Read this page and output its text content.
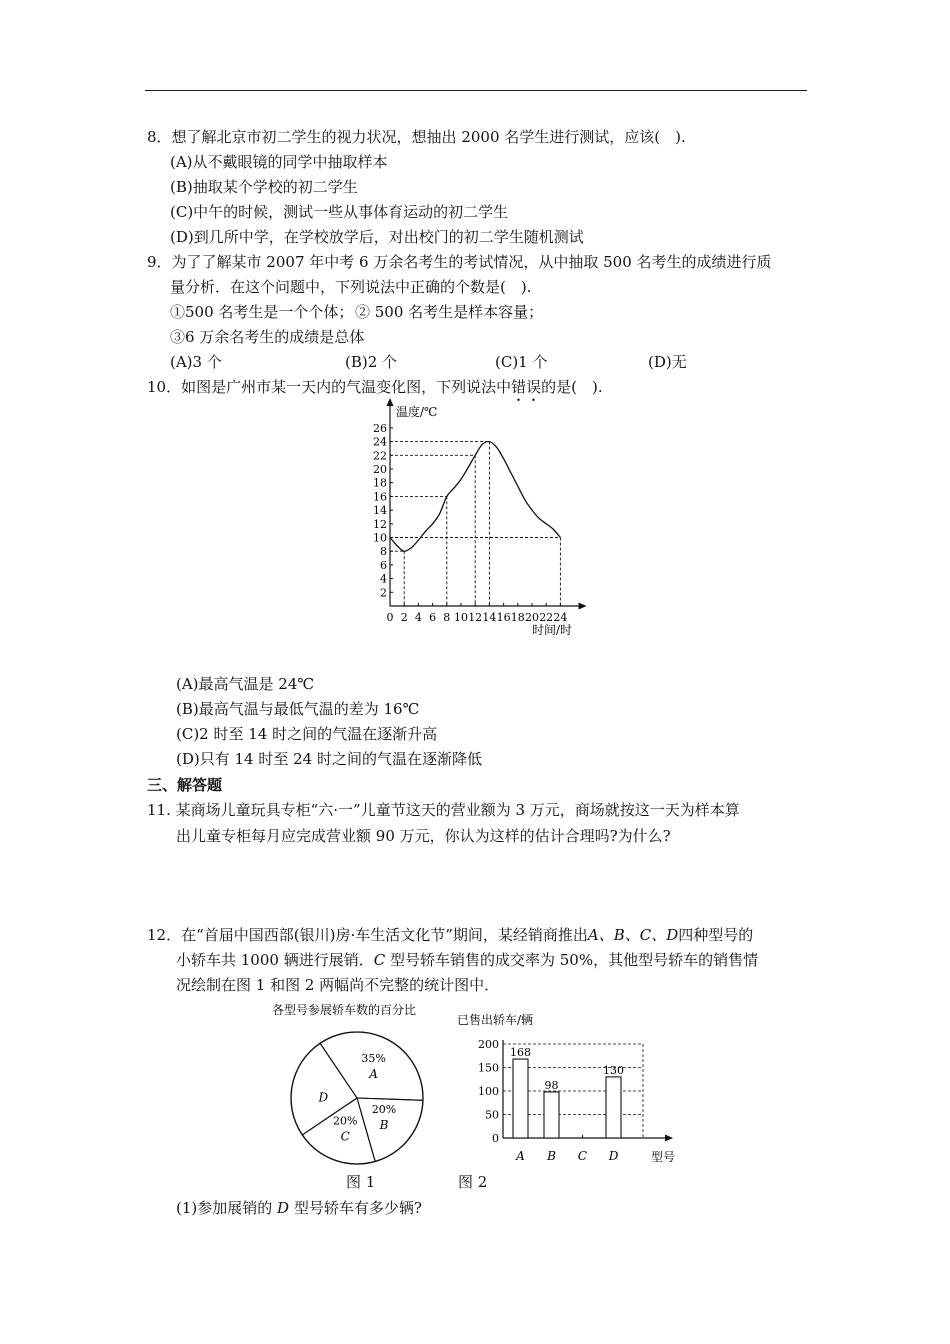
8．想了解北京市初二学生的视力状况，想抽出 2000 名学生进行测试，应该(　).
(A)从不戴眼镜的同学中抽取样本
(B)抽取某个学校的初二学生
(C)中午的时候，测试一些从事体育运动的初二学生
(D)到几所中学，在学校放学后，对出校门的初二学生随机测试
9．为了了解某市 2007 年中考 6 万余名考生的考试情况，从中抽取 500 名考生的成绩进行质
量分析．在这个问题中，下列说法中正确的个数是(　).
①500 名考生是一个个体； ② 500 名考生是样本容量；
③6 万余名考生的成绩是总体
(A)3 个	(B)2 个	(C)1 个	(D)无
10．如图是广州市某一天内的气温变化图，下列说法中错误的是(　).
2
4
6
8
10
12
14
16
18
20
22
24
26
0 2 4 6 8 10 12 14 16 18 20 22 24
温度/℃
时间/时
(A)最高气温是 24℃
(B)最高气温与最低气温的差为 16℃
(C)2 时至 14 时之间的气温在逐渐升高
(D)只有 14 时至 24 时之间的气温在逐渐降低
三、解答题
11. 某商场儿童玩具专柜“六·一”儿童节这天的营业额为 3 万元，商场就按这一天为样本算
出儿童专柜每月应完成营业额 90 万元，你认为这样的估计合理吗?为什么?
12．在“首届中国西部(银川)房·车生活文化节”期间，某经销商推出A、B、C、D四种型号的
小轿车共 1000 辆进行展销．C 型号轿车销售的成交率为 50%，其他型号轿车的销售情
况绘制在图 1 和图 2 两幅尚不完整的统计图中．
各型号参展轿车数的百分比
A
35%
B
20%
C
20%
D
已售出轿车/辆
0
50
100
150
200
168
98
130
A B C D	型号
图 1	图 2
(1)参加展销的 D 型号轿车有多少辆?
